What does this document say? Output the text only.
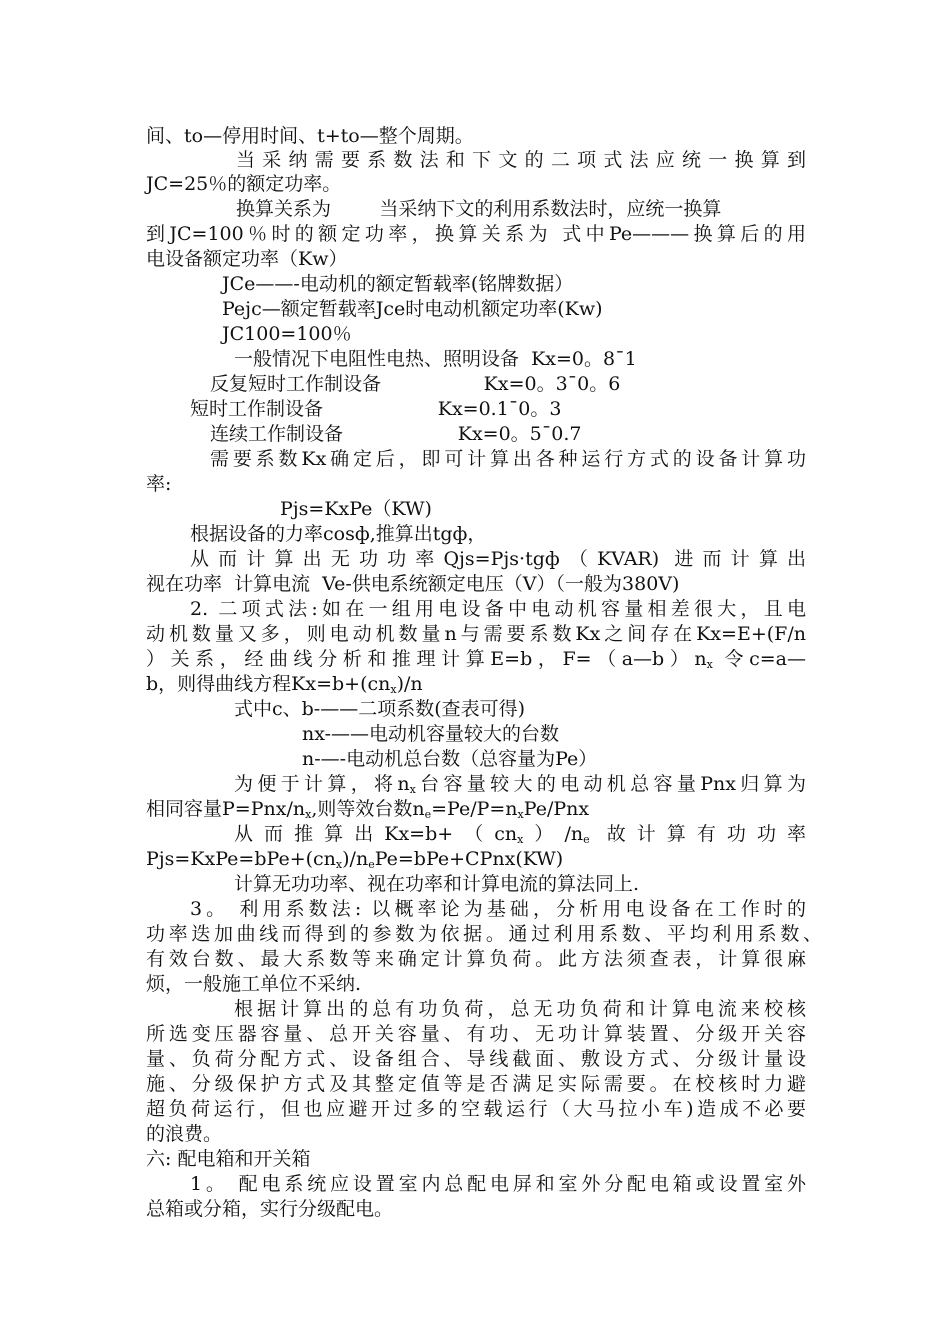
间、to—停用时间、t+to—整个周期。
当采纳需要系数法和下文的二项式法应统一换算到
JC=25％的额定功率。
换算关系为        当采纳下文的利用系数法时，应统一换算
到JC=100％时的额定功率，换算关系为 式中Pe———换算后的用
电设备额定功率（Kw）
JCe——-电动机的额定暂载率(铭牌数据）
Pejc—额定暂载率Jce时电动机额定功率(Kw)
JC100=100％
一般情况下电阻性电热、照明设备  Kx=0。8¯1
反复短时工作制设备                 Kx=0。3¯0。6
短时工作制设备                   Kx=0.1¯0。3
连续工作制设备                   Kx=0。5¯0.7
需要系数Kx确定后，即可计算出各种运行方式的设备计算功
率:
Pjs=KxPe（KW)
根据设备的力率cosф,推算出tgф，
从而计算出无功功率Qjs=Pjs·tgф（KVAR) 进而计算出
视在功率  计算电流  Ve-供电系统额定电压（V）（一般为380V)
2. 二项式法:如在一组用电设备中电动机容量相差很大，且电
动机数量又多，则电动机数量n与需要系数Kx之间存在Kx=E+(F/n
）关系，经曲线分析和推理计算E=b，$F=(a—b)n_x$ 令c=a—
b，则得曲线方程$Kx=b+(cn_x)/n$
式中c、b-——二项系数(查表可得)
nx-——电动机容量较大的台数
n-—-电动机总台数（总容量为Pe）
为便于计算，将$n_x$台容量较大的电动机总容量Pnx归算为
相同容量$P=Pnx/n_x$,则等效台数$n_e=Pe/P=n_xPe$/Pnx
从而推算出$Kx=b+(cn_x)/n_e$ 故计算有功功率
$Pjs=KxPe=bPe+(cn_x)/n_ePe=bPe+CPnx(KW)$
计算无功功率、视在功率和计算电流的算法同上.
3。 利用系数法: 以概率论为基础，分析用电设备在工作时的
功率迭加曲线而得到的参数为依据。通过利用系数、平均利用系数、
有效台数、最大系数等来确定计算负荷。此方法须查表，计算很麻
烦，一般施工单位不采纳.
根据计算出的总有功负荷，总无功负荷和计算电流来校核
所选变压器容量、总开关容量、有功、无功计算装置、分级开关容
量、负荷分配方式、设备组合、导线截面、敷设方式、分级计量设
施、分级保护方式及其整定值等是否满足实际需要。在校核时力避
超负荷运行，但也应避开过多的空载运行（大马拉小车)造成不必要
的浪费。
六: 配电箱和开关箱
1。 配电系统应设置室内总配电屏和室外分配电箱或设置室外
总箱或分箱，实行分级配电。
